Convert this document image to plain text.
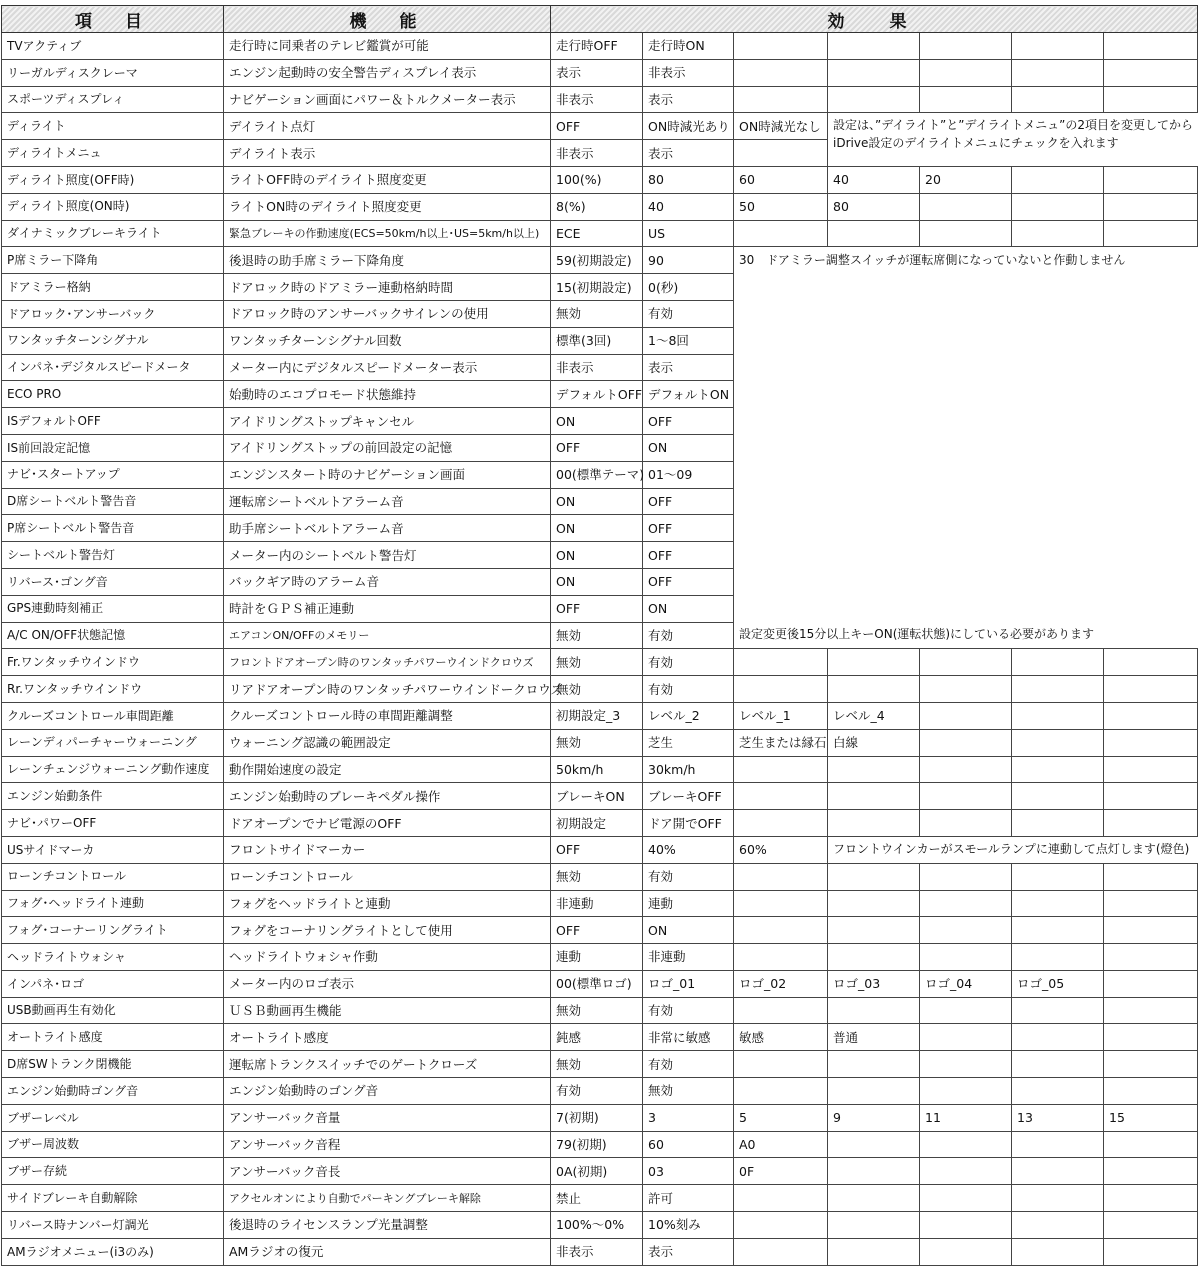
項　目	機　能	効　果						
TVアクティブ	走行時に同乗者のテレビ鑑賞が可能	走行時OFF	走行時ON					
リーガルディスクレーマ	エンジン起動時の安全警告ディスプレイ表示	表示	非表示					
スポーツディスプレィ	ナビゲーション画面にパワー＆トルクメーター表示	非表示	表示					
ディライト	デイライト点灯	OFF	ON時減光あり	ON時減光なし	設定は、”デイライト”と”デイライトメニュ”の2項目を変更してからiDrive設定のデイライトメニュにチェックを入れます			
ディライトメニュ	デイライト表示	非表示	表示					
ディライト照度(OFF時)	ライトOFF時のデイライト照度変更	100(%)	80	60	40	20		
ディライト照度(ON時)	ライトON時のデイライト照度変更	8(%)	40	50	80			
ダイナミックブレーキライト	緊急ブレーキの作動速度(ECS=50km/h以上･US=5km/h以上)	ECE	US					
P席ミラー下降角	後退時の助手席ミラー下降角度	59(初期設定)	90	30　ドアミラー調整スイッチが運転席側になっていないと作動しません				
ドアミラー格納	ドアロック時のドアミラー連動格納時間	15(初期設定)	0(秒)					
ドアロック･アンサーバック	ドアロック時のアンサーバックサイレンの使用	無効	有効					
ワンタッチターンシグナル	ワンタッチターンシグナル回数	標準(3回)	1～8回					
インパネ･デジタルスピードメータ	メーター内にデジタルスピードメーター表示	非表示	表示					
ECO PRO	始動時のエコプロモード状態維持	デフォルトOFF	デフォルトON					
ISデフォルトOFF	アイドリングストップキャンセル	ON	OFF					
IS前回設定記憶	アイドリングストップの前回設定の記憶	OFF	ON					
ナビ･スタートアップ	エンジンスタート時のナビゲーション画面	00(標準テーマ)	01～09					
D席シートベルト警告音	運転席シートベルトアラーム音	ON	OFF					
P席シートベルト警告音	助手席シートベルトアラーム音	ON	OFF					
シートベルト警告灯	メーター内のシートベルト警告灯	ON	OFF					
リバース･ゴング音	バックギア時のアラーム音	ON	OFF					
GPS連動時刻補正	時計をＧＰＳ補正連動	OFF	ON					
A/C ON/OFF状態記憶	エアコンON/OFFのメモリー	無効	有効	設定変更後15分以上キーON(運転状態)にしている必要があります				
Fr.ワンタッチウインドウ	フロントドアオープン時のワンタッチパワーウインドクロウズ	無効	有効					
Rr.ワンタッチウインドウ	リアドアオープン時のワンタッチパワーウインドークロウズ	無効	有効					
クルーズコントロール車間距離	クルーズコントロール時の車間距離調整	初期設定_3	レベル_2	レベル_1	レベル_4			
レーンディパーチャーウォーニング	ウォーニング認識の範囲設定	無効	芝生	芝生または縁石	白線			
レーンチェンジウォーニング動作速度	動作開始速度の設定	50km/h	30km/h					
エンジン始動条件	エンジン始動時のブレーキペダル操作	ブレーキON	ブレーキOFF					
ナビ･パワーOFF	ドアオープンでナビ電源のOFF	初期設定	ドア開でOFF					
USサイドマーカ	フロントサイドマーカー	OFF	40%	60%	フロントウインカーがスモールランプに連動して点灯します(燈色)			
ローンチコントロール	ローンチコントロール	無効	有効					
フォグ･ヘッドライト連動	フォグをヘッドライトと連動	非連動	連動					
フォグ･コーナーリングライト	フォグをコーナリングライトとして使用	OFF	ON					
ヘッドライトウォシャ	ヘッドライトウォシャ作動	連動	非連動					
インパネ･ロゴ	メーター内のロゴ表示	00(標準ロゴ)	ロゴ_01	ロゴ_02	ロゴ_03	ロゴ_04	ロゴ_05	
USB動画再生有効化	ＵＳＢ動画再生機能	無効	有効					
オートライト感度	オートライト感度	鈍感	非常に敏感	敏感	普通			
D席SWトランク閉機能	運転席トランクスイッチでのゲートクローズ	無効	有効					
エンジン始動時ゴング音	エンジン始動時のゴング音	有効	無効					
ブザーレベル	アンサーバック音量	7(初期)	3	5	9	11	13	15
ブザー周波数	アンサーバック音程	79(初期)	60	A0				
ブザー存続	アンサーバック音長	0A(初期)	03	0F				
サイドブレーキ自動解除	アクセルオンにより自動でパーキングブレーキ解除	禁止	許可					
リバース時ナンバー灯調光	後退時のライセンスランプ光量調整	100%～0%	10%刻み					
AMラジオメニュー(i3のみ)	AMラジオの復元	非表示	表示					
